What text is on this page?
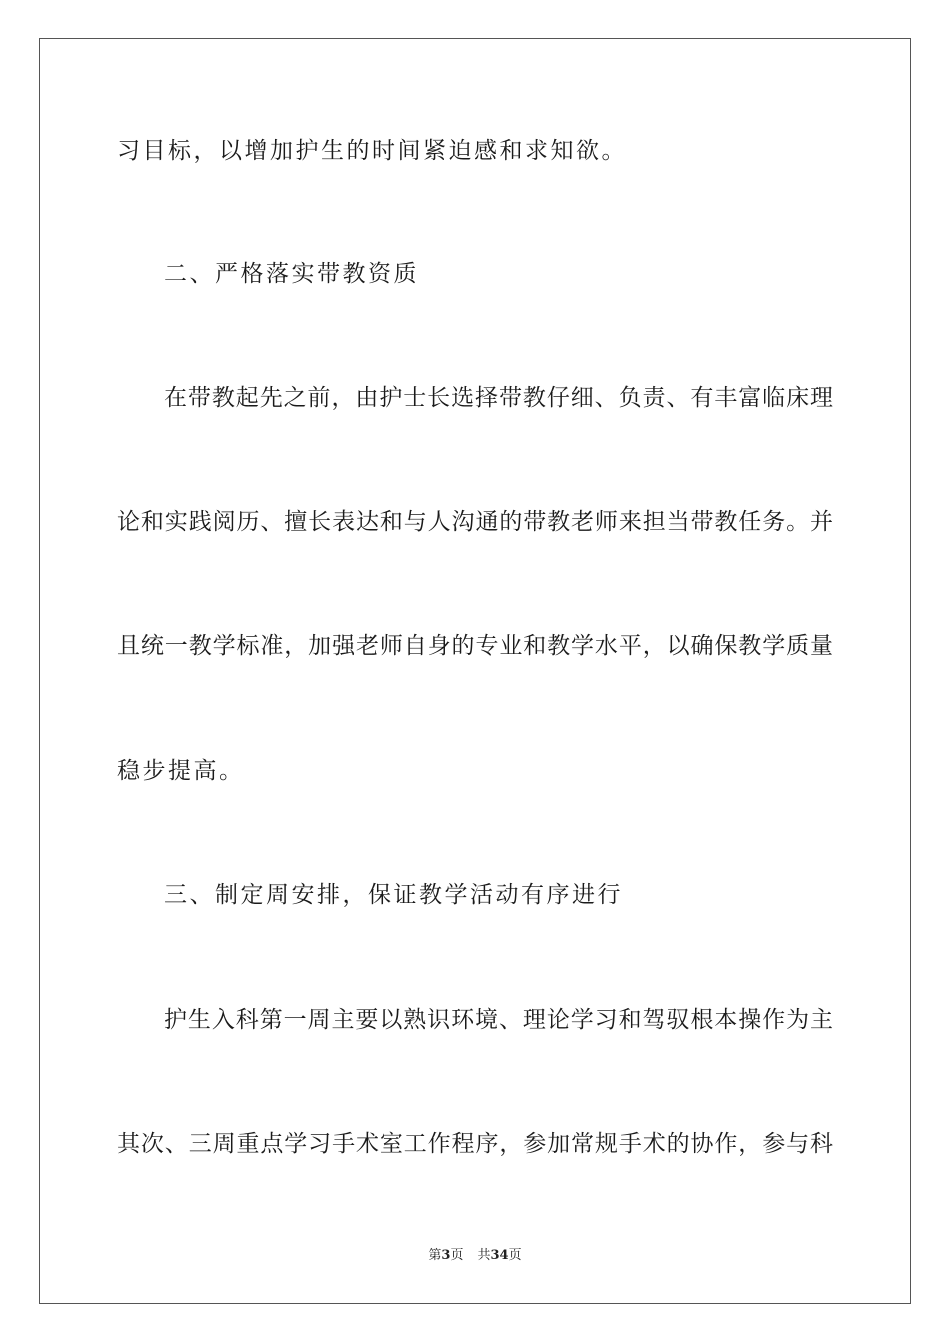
习目标，以增加护生的时间紧迫感和求知欲。
二、严格落实带教资质
在带教起先之前，由护士长选择带教仔细、负责、有丰富临床理
论和实践阅历、擅长表达和与人沟通的带教老师来担当带教任务。并
且统一教学标准，加强老师自身的专业和教学水平，以确保教学质量
稳步提高。
三、制定周安排，保证教学活动有序进行
护生入科第一周主要以熟识环境、理论学习和驾驭根本操作为主
其次、三周重点学习手术室工作程序，参加常规手术的协作，参与科
第3页 共34页
